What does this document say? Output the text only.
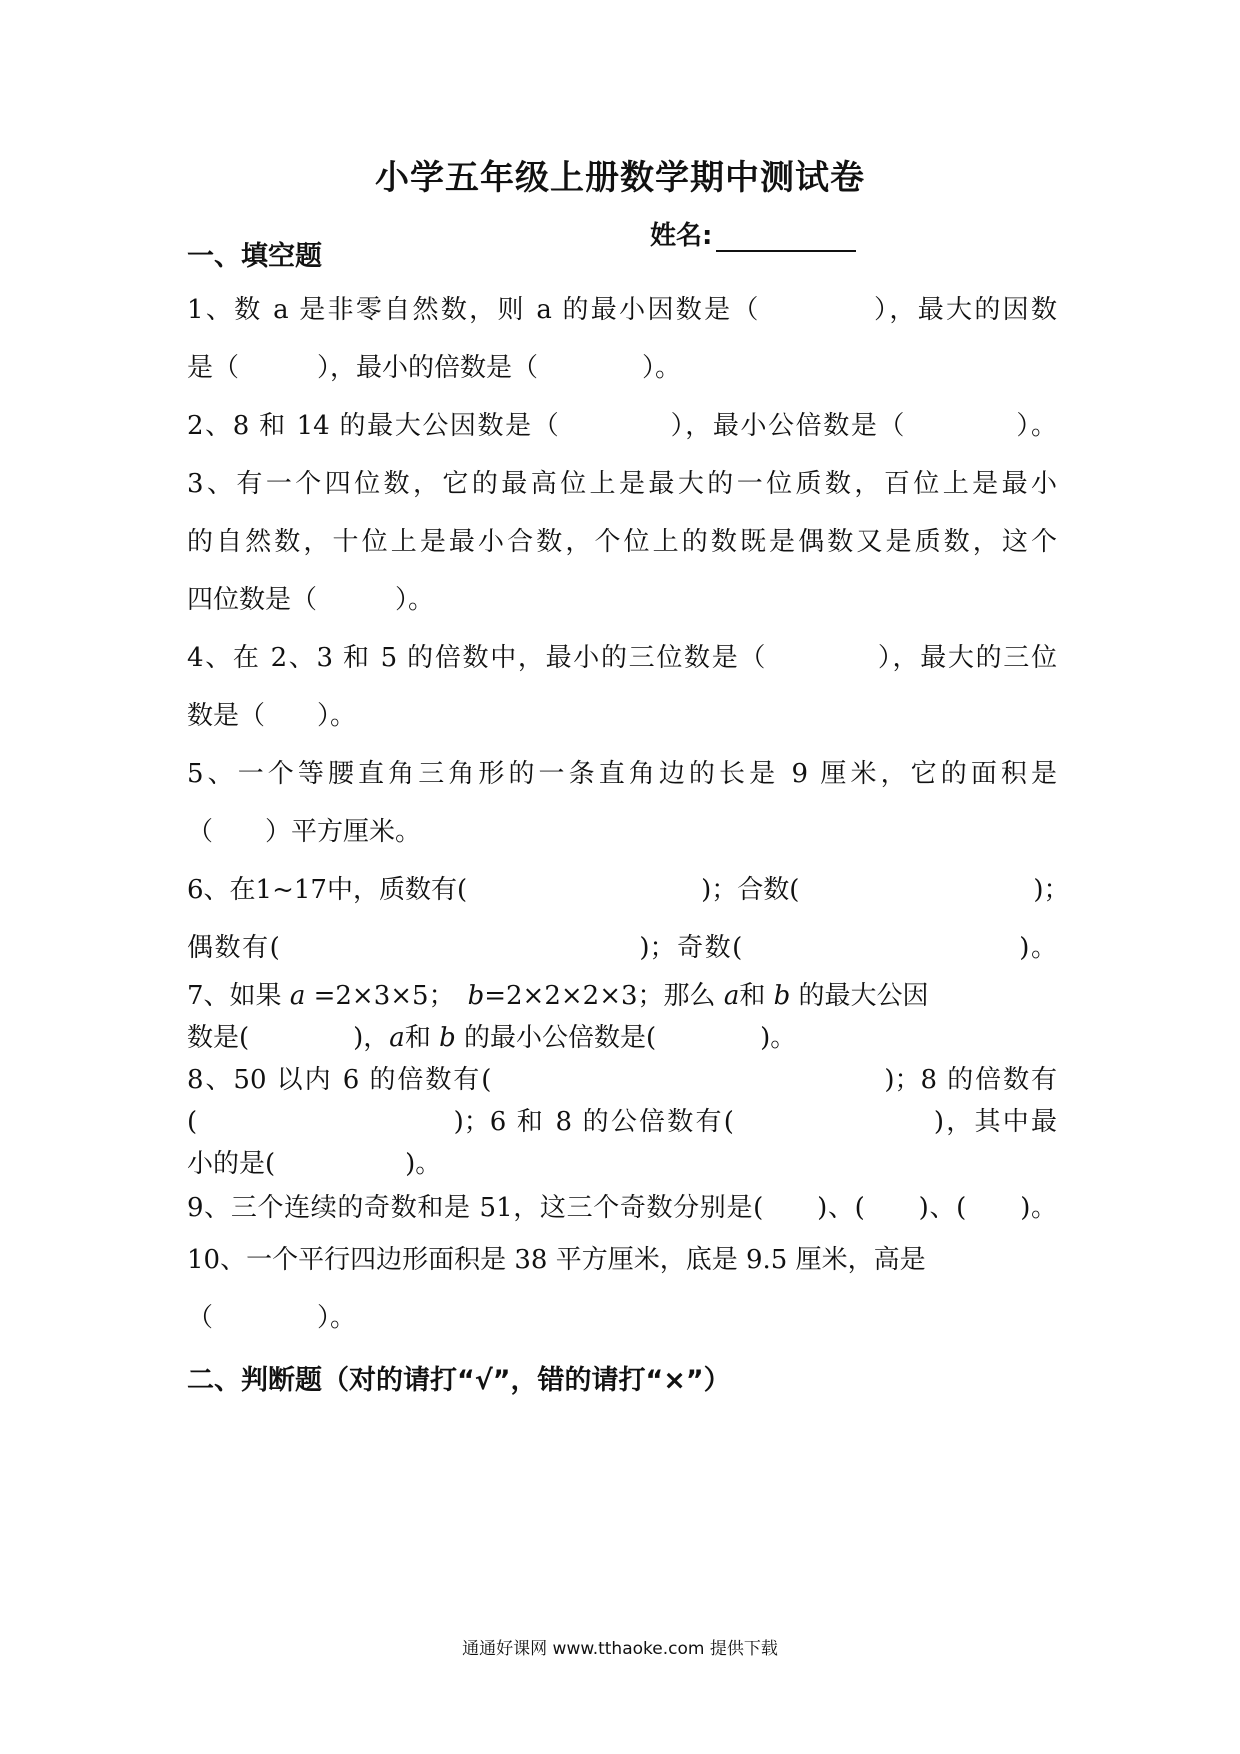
小学五年级上册数学期中测试卷
姓名:
一、填空题
1、数 a 是非零自然数，则 a 的最小因数是（　　　　），最大的因数
是（　　　），最小的倍数是（　　　　）。
2、8 和 14 的最大公因数是（　　　　），最小公倍数是（　　　　）。
3、有一个四位数，它的最高位上是最大的一位质数，百位上是最小
的自然数，十位上是最小合数，个位上的数既是偶数又是质数，这个
四位数是（　　　）。
4、在 2、3 和 5 的倍数中，最小的三位数是（　　　　），最大的三位
数是（　　）。
5、一个等腰直角三角形的一条直角边的长是 9 厘米，它的面积是
（　　）平方厘米。
6、在1~17中，质数有(　　　　　　　　　)；合数(　　　　　　　　　)；
偶数有(　　　　　　　　　　　　　)；奇数(　　　　　　　　　　)。
7、如果 a =2×3×5；　b=2×2×2×3；那么 a和 b 的最大公因
数是(　　　　)，a和 b 的最小公倍数是(　　　　)。
8、50 以内 6 的倍数有(　　　　　　　　　　　　　　)；8 的倍数有
(　　　　　　　　　)；6 和 8 的公倍数有(　　　　　　　)，其中最
小的是(　　　　　)。
9、三个连续的奇数和是 51，这三个奇数分别是(　　)、(　　)、(　　)。
10、一个平行四边形面积是 38 平方厘米，底是 9.5 厘米，高是
（　　　　）。
二、判断题（对的请打“√”，错的请打“×”）
通通好课网 www.tthaoke.com 提供下载
